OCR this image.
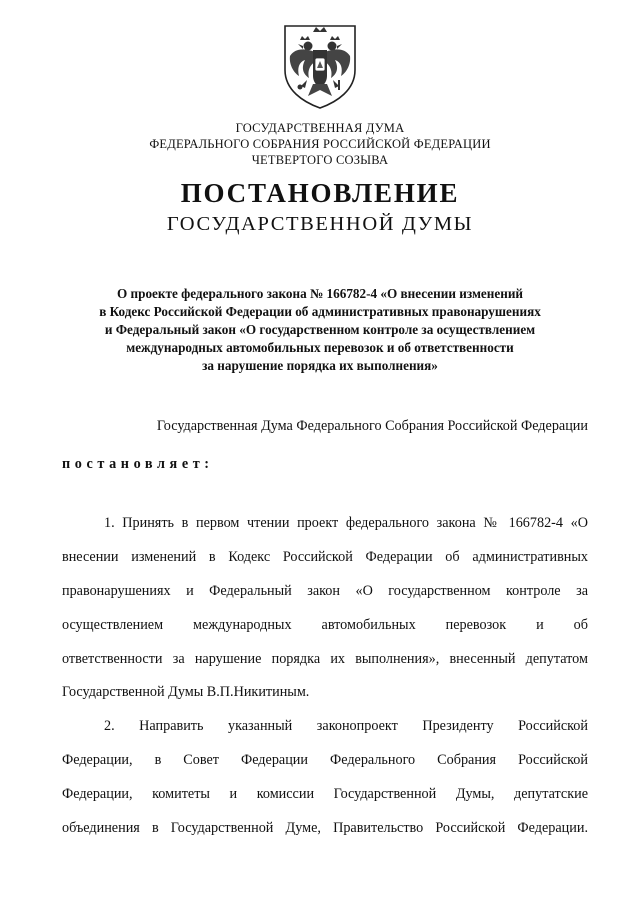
ГОСУДАРСТВЕННАЯ ДУМА
ФЕДЕРАЛЬНОГО СОБРАНИЯ РОССИЙСКОЙ ФЕДЕРАЦИИ
ЧЕТВЕРТОГО СОЗЫВА
ПОСТАНОВЛЕНИЕ
ГОСУДАРСТВЕННОЙ ДУМЫ
О проекте федерального закона № 166782-4 «О внесении изменений
в Кодекс Российской Федерации об административных правонарушениях
и Федеральный закон «О государственном контроле за осуществлением
международных автомобильных перевозок и об ответственности
за нарушение порядка их выполнения»
Государственная Дума Федерального Собрания Российской Федерации
постановляет:
1. Принять в первом чтении проект федерального закона № 166782-4 «О
внесении изменений в Кодекс Российской Федерации об административных
правонарушениях и Федеральный закон «О государственном контроле за
осуществлением международных автомобильных перевозок и об
ответственности за нарушение порядка их выполнения», внесенный депутатом
Государственной Думы В.П.Никитиным.
2. Направить указанный законопроект Президенту Российской
Федерации, в Совет Федерации Федерального Собрания Российской
Федерации, комитеты и комиссии Государственной Думы, депутатские
объединения в Государственной Думе, Правительство Российской Федерации.
